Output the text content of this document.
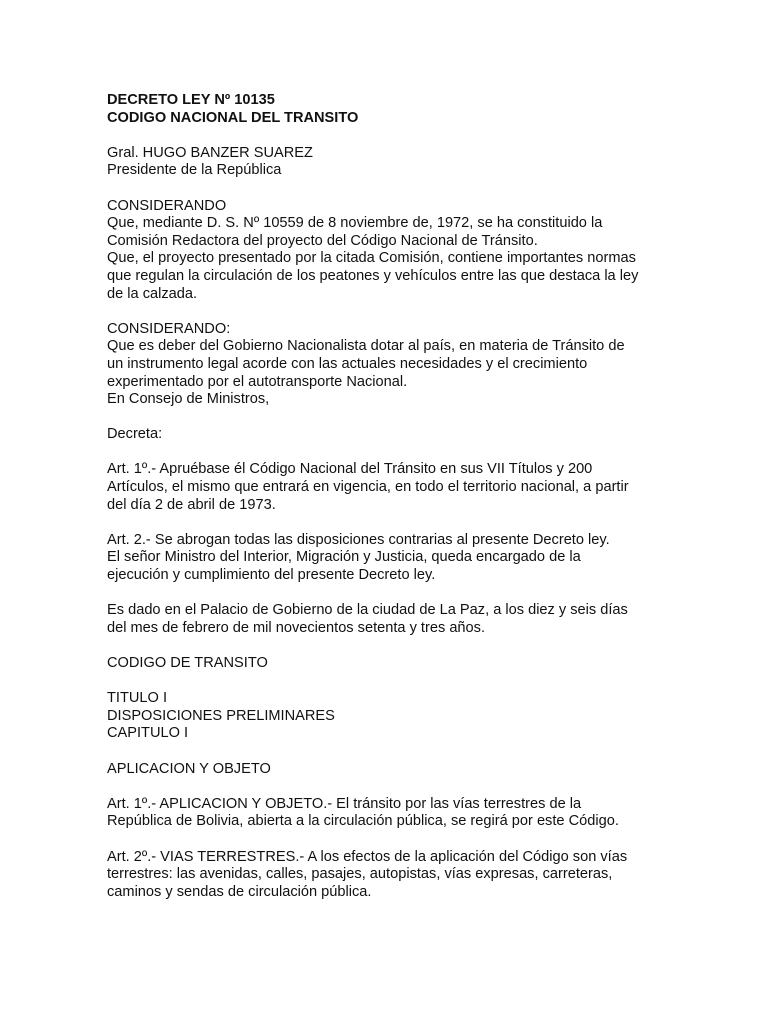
DECRETO LEY Nº 10135
CODIGO NACIONAL DEL TRANSITO
Gral. HUGO BANZER SUAREZ
Presidente de la República
CONSIDERANDO
Que, mediante D. S. Nº 10559 de 8 noviembre de, 1972, se ha constituido la
Comisión Redactora del proyecto del Código Nacional de Tránsito.
Que, el proyecto presentado por la citada Comisión, contiene importantes normas
que regulan la circulación de los peatones y vehículos entre las que destaca la ley
de la calzada.
CONSIDERANDO:
Que es deber del Gobierno Nacionalista dotar al país, en materia de Tránsito de
un instrumento legal acorde con las actuales necesidades y el crecimiento
experimentado por el autotransporte Nacional.
En Consejo de Ministros,
Decreta:
Art. 1º.- Apruébase él Código Nacional del Tránsito en sus VII Títulos y 200
Artículos, el mismo que entrará en vigencia, en todo el territorio nacional, a partir
del día 2 de abril de 1973.
Art. 2.- Se abrogan todas las disposiciones contrarias al presente Decreto ley.
El señor Ministro del Interior, Migración y Justicia, queda encargado de la
ejecución y cumplimiento del presente Decreto ley.
Es dado en el Palacio de Gobierno de la ciudad de La Paz, a los diez y seis días
del mes de febrero de mil novecientos setenta y tres años.
CODIGO DE TRANSITO
TITULO I
DISPOSICIONES PRELIMINARES
CAPITULO I
APLICACION Y OBJETO
Art. 1º.- APLICACION Y OBJETO.- El tránsito por las vías terrestres de la
República de Bolivia, abierta a la circulación pública, se regirá por este Código.
Art. 2º.- VIAS TERRESTRES.- A los efectos de la aplicación del Código son vías
terrestres: las avenidas, calles, pasajes, autopistas, vías expresas, carreteras,
caminos y sendas de circulación pública.
